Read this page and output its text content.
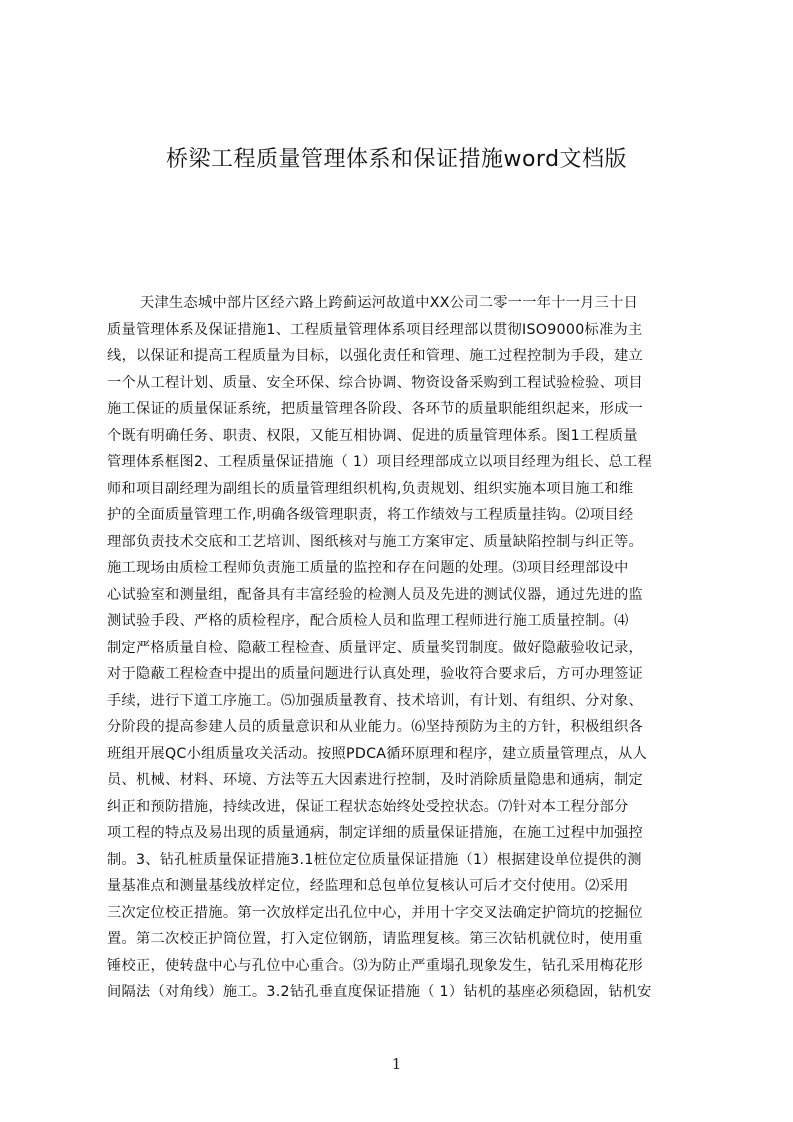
桥梁工程质量管理体系和保证措施word文档版
天津生态城中部片区经六路上跨蓟运河故道中XX公司二零一一年十一月三十日
质量管理体系及保证措施1、工程质量管理体系项目经理部以贯彻ISO9000标准为主
线，以保证和提高工程质量为目标，以强化责任和管理、施工过程控制为手段，建立
一个从工程计划、质量、安全环保、综合协调、物资设备采购到工程试验检验、项目
施工保证的质量保证系统，把质量管理各阶段、各环节的质量职能组织起来，形成一
个既有明确任务、职责、权限，又能互相协调、促进的质量管理体系。图1工程质量
管理体系框图2、工程质量保证措施（ 1）项目经理部成立以项目经理为组长、总工程
师和项目副经理为副组长的质量管理组织机构,负责规划、组织实施本项目施工和维
护的全面质量管理工作,明确各级管理职责，将工作绩效与工程质量挂钩。⑵项目经
理部负责技术交底和工艺培训、图纸核对与施工方案审定、质量缺陷控制与纠正等。
施工现场由质检工程师负责施工质量的监控和存在问题的处理。⑶项目经理部设中
心试验室和测量组，配备具有丰富经验的检测人员及先进的测试仪器，通过先进的监
测试验手段、严格的质检程序，配合质检人员和监理工程师进行施工质量控制。⑷
制定严格质量自检、隐蔽工程检查、质量评定、质量奖罚制度。做好隐蔽验收记录，
对于隐蔽工程检查中提出的质量问题进行认真处理，验收符合要求后，方可办理签证
手续，进行下道工序施工。⑸加强质量教育、技术培训，有计划、有组织、分对象、
分阶段的提高参建人员的质量意识和从业能力。⑹坚持预防为主的方针，积极组织各
班组开展QC小组质量攻关活动。按照PDCA循环原理和程序，建立质量管理点，从人
员、机械、材料、环境、方法等五大因素进行控制，及时消除质量隐患和通病，制定
纠正和预防措施，持续改进，保证工程状态始终处受控状态。⑺针对本工程分部分
项工程的特点及易出现的质量通病，制定详细的质量保证措施，在施工过程中加强控
制。3、钻孔桩质量保证措施3.1桩位定位质量保证措施（1）根据建设单位提供的测
量基准点和测量基线放样定位，经监理和总包单位复核认可后才交付使用。⑵采用
三次定位校正措施。第一次放样定出孔位中心，并用十字交叉法确定护筒坑的挖掘位
置。第二次校正护筒位置，打入定位钢筋，请监理复核。第三次钻机就位时，使用重
锤校正，使转盘中心与孔位中心重合。⑶为防止严重塌孔现象发生，钻孔采用梅花形
间隔法（对角线）施工。3.2钻孔垂直度保证措施（ 1）钻机的基座必须稳固，钻机安
1
